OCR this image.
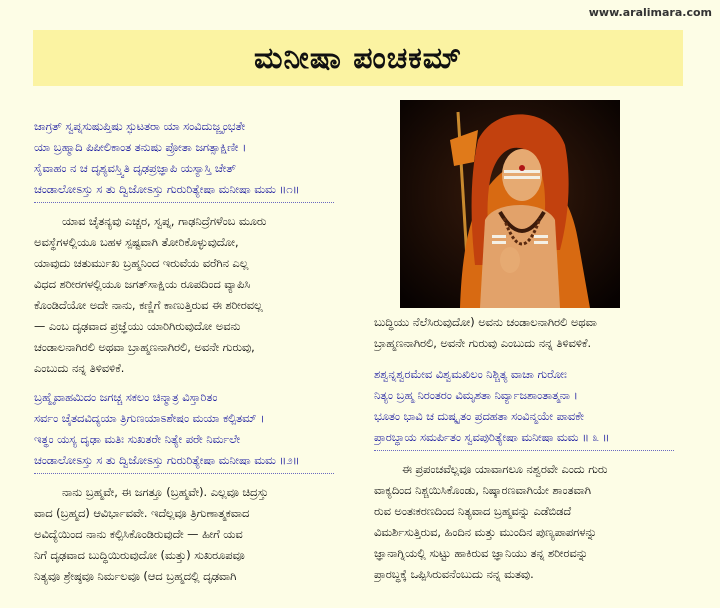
www.aralimara.com
ಮನೀಷಾ ಪಂಚಕಮ್
ಜಾಗ್ರತ್ ಸ್ವಪ್ನಸುಷುಪ್ತಿಷು ಸ್ಫುಟತರಾ ಯಾ ಸಂವಿದುಜ್ಜೃಂಭತೇ
ಯಾ ಬ್ರಹ್ಮಾದಿ ಪಿಪೀಲಿಕಾಂತ ತನುಷು ಪ್ರೋತಾ ಜಗತ್ಸಾಕ್ಷಿಣೀ ।
ಸೈವಾಹಂ ನ ಚ ದೃಶ್ಯವಸ್ತ್ವಿತಿ ದೃಢಪ್ರಜ್ಞಾಪಿ ಯಸ್ಯಾಸ್ತಿ ಚೇತ್
ಚಂಡಾಲೋಽಸ್ತು ಸ ತು ದ್ವಿಜೋಽಸ್ತು ಗುರುರಿತ್ಯೇಷಾ ಮನೀಷಾ ಮಮ ॥೧॥
ಯಾವ ಚೈತನ್ಯವು ಎಚ್ಚರ, ಸ್ವಪ್ನ, ಗಾಢನಿದ್ರೆಗಳೆಂಬ ಮೂರು
ಅವಸ್ಥೆಗಳಲ್ಲಿಯೂ ಬಹಳ ಸ್ಪಷ್ಟವಾಗಿ ತೋರಿಕೊಳ್ಳುವುದೋ,
ಯಾವುದು ಚತುರ್ಮುಖ ಬ್ರಹ್ಮನಿಂದ ಇರುವೆಯ ವರೆಗಿನ ಎಲ್ಲ
ವಿಧದ ಶರೀರಗಳಲ್ಲಿಯೂ ಜಗತ್‌ಸಾಕ್ಷಿಯ ರೂಪದಿಂದ ವ್ಯಾಪಿಸಿ
ಕೊಂಡಿದೆಯೋ ಅದೇ ನಾನು, ಕಣ್ಣಿಗೆ ಕಾಣುತ್ತಿರುವ ಈ ಶರೀರವಲ್ಲ
— ಎಂಬ ದೃಢವಾದ ಪ್ರಜ್ಞೆಯು ಯಾರಿಗಿರುವುದೋ ಅವನು
ಚಂಡಾಲನಾಗಿರಲಿ ಅಥವಾ ಬ್ರಾಹ್ಮಣನಾಗಿರಲಿ, ಅವನೇ ಗುರುವು,
ಎಂಬುದು ನನ್ನ ತಿಳಿವಳಿಕೆ.
ಬ್ರಹ್ಮೈವಾಹಮಿದಂ ಜಗಚ್ಚ ಸಕಲಂ ಚಿನ್ಮಾತ್ರ ವಿಸ್ತಾರಿತಂ
ಸರ್ವಂ ಚೈತದವಿದ್ಯಯಾ ತ್ರಿಗುಣಯಾಽಶೇಷಂ ಮಯಾ ಕಲ್ಪಿತಮ್ ।
ಇತ್ಥಂ ಯಸ್ಯ ದೃಢಾ ಮತಿಃ ಸುಖತರೇ ನಿತ್ಯೇ ಪರೇ ನಿರ್ಮಲೇ
ಚಂಡಾಲೋಽಸ್ತು ಸ ತು ದ್ವಿಜೋಽಸ್ತು ಗುರುರಿತ್ಯೇಷಾ ಮನೀಷಾ ಮಮ ॥೨॥
ನಾನು ಬ್ರಹ್ಮವೇ, ಈ ಜಗತ್ತೂ (ಬ್ರಹ್ಮವೇ). ಎಲ್ಲವೂ ಚಿದ್ರಸ್ತು
ವಾದ (ಬ್ರಹ್ಮದ) ಆವಿರ್ಭಾವವೇ. ಇದೆಲ್ಲವೂ ತ್ರಿಗುಣಾತ್ಮಕವಾದ
ಅವಿದ್ಯೆಯಿಂದ ನಾನು ಕಲ್ಪಿಸಿಕೊಂಡಿರುವುದೇ — ಹೀಗೆ ಯವ
ನಿಗೆ ದೃಢವಾದ ಬುದ್ಧಿಯಿರುವುದೋ (ಮತ್ತು) ಸುಖರೂಪವೂ
ನಿತ್ಯವೂ ಶ್ರೇಷ್ಠವೂ ನಿರ್ಮಲವೂ (ಆದ ಬ್ರಹ್ಮದಲ್ಲಿ ದೃಢವಾಗಿ
ಬುದ್ಧಿಯು ನೆಲೆಸಿರುವುದೋ) ಅವನು ಚಂಡಾಲನಾಗಿರಲಿ ಅಥವಾ
ಬ್ರಾಹ್ಮಣನಾಗಿರಲಿ, ಅವನೇ ಗುರುವು ಎಂಬುದು ನನ್ನ ತಿಳಿವಳಿಕೆ.
ಶಶ್ವನ್ನಶ್ವರಮೇವ ವಿಶ್ವಮಖಿಲಂ ನಿಶ್ಚಿತ್ಯ ವಾಚಾ ಗುರೋಃ
ನಿತ್ಯಂ ಬ್ರಹ್ಮ ನಿರಂತರಂ ವಿಮೃಶತಾ ನಿರ್ವ್ಯಾಜಶಾಂತಾತ್ಮನಾ ।
ಭೂತಂ ಭಾವಿ ಚ ದುಷ್ಕೃತಂ ಪ್ರದಹತಾ ಸಂವಿನ್ಮಯೇ ಪಾವಕೇ
ಪ್ರಾರಬ್ಧಾಯ ಸಮರ್ಪಿತಂ ಸ್ವವಪುರಿತ್ಯೇಷಾ ಮನೀಷಾ ಮಮ ॥ ೩ ॥
ಈ ಪ್ರಪಂಚವೆಲ್ಲವೂ ಯಾವಾಗಲೂ ನಶ್ವರವೇ ಎಂದು ಗುರು
ವಾಕ್ಯದಿಂದ ನಿಶ್ಚಯಿಸಿಕೊಂಡು, ನಿಷ್ಕಾರಣವಾಗಿಯೇ ಶಾಂತವಾಗಿ
ರುವ ಅಂತಃಕರಣದಿಂದ ನಿತ್ಯವಾದ ಬ್ರಹ್ಮವನ್ನು ಎಡೆಬಿಡದೆ
ವಿಮರ್ಶಿಸುತ್ತಿರುವ, ಹಿಂದಿನ ಮತ್ತು ಮುಂದಿನ ಪುಣ್ಯಪಾಪಗಳನ್ನು
ಜ್ಞಾನಾಗ್ನಿಯಲ್ಲಿ ಸುಟ್ಟು ಹಾಕಿರುವ ಜ್ಞಾನಿಯು ತನ್ನ ಶರೀರವನ್ನು
ಪ್ರಾರಬ್ಧಕ್ಕೆ ಒಪ್ಪಿಸಿರುವನೆಂಬುದು ನನ್ನ ಮತವು.
